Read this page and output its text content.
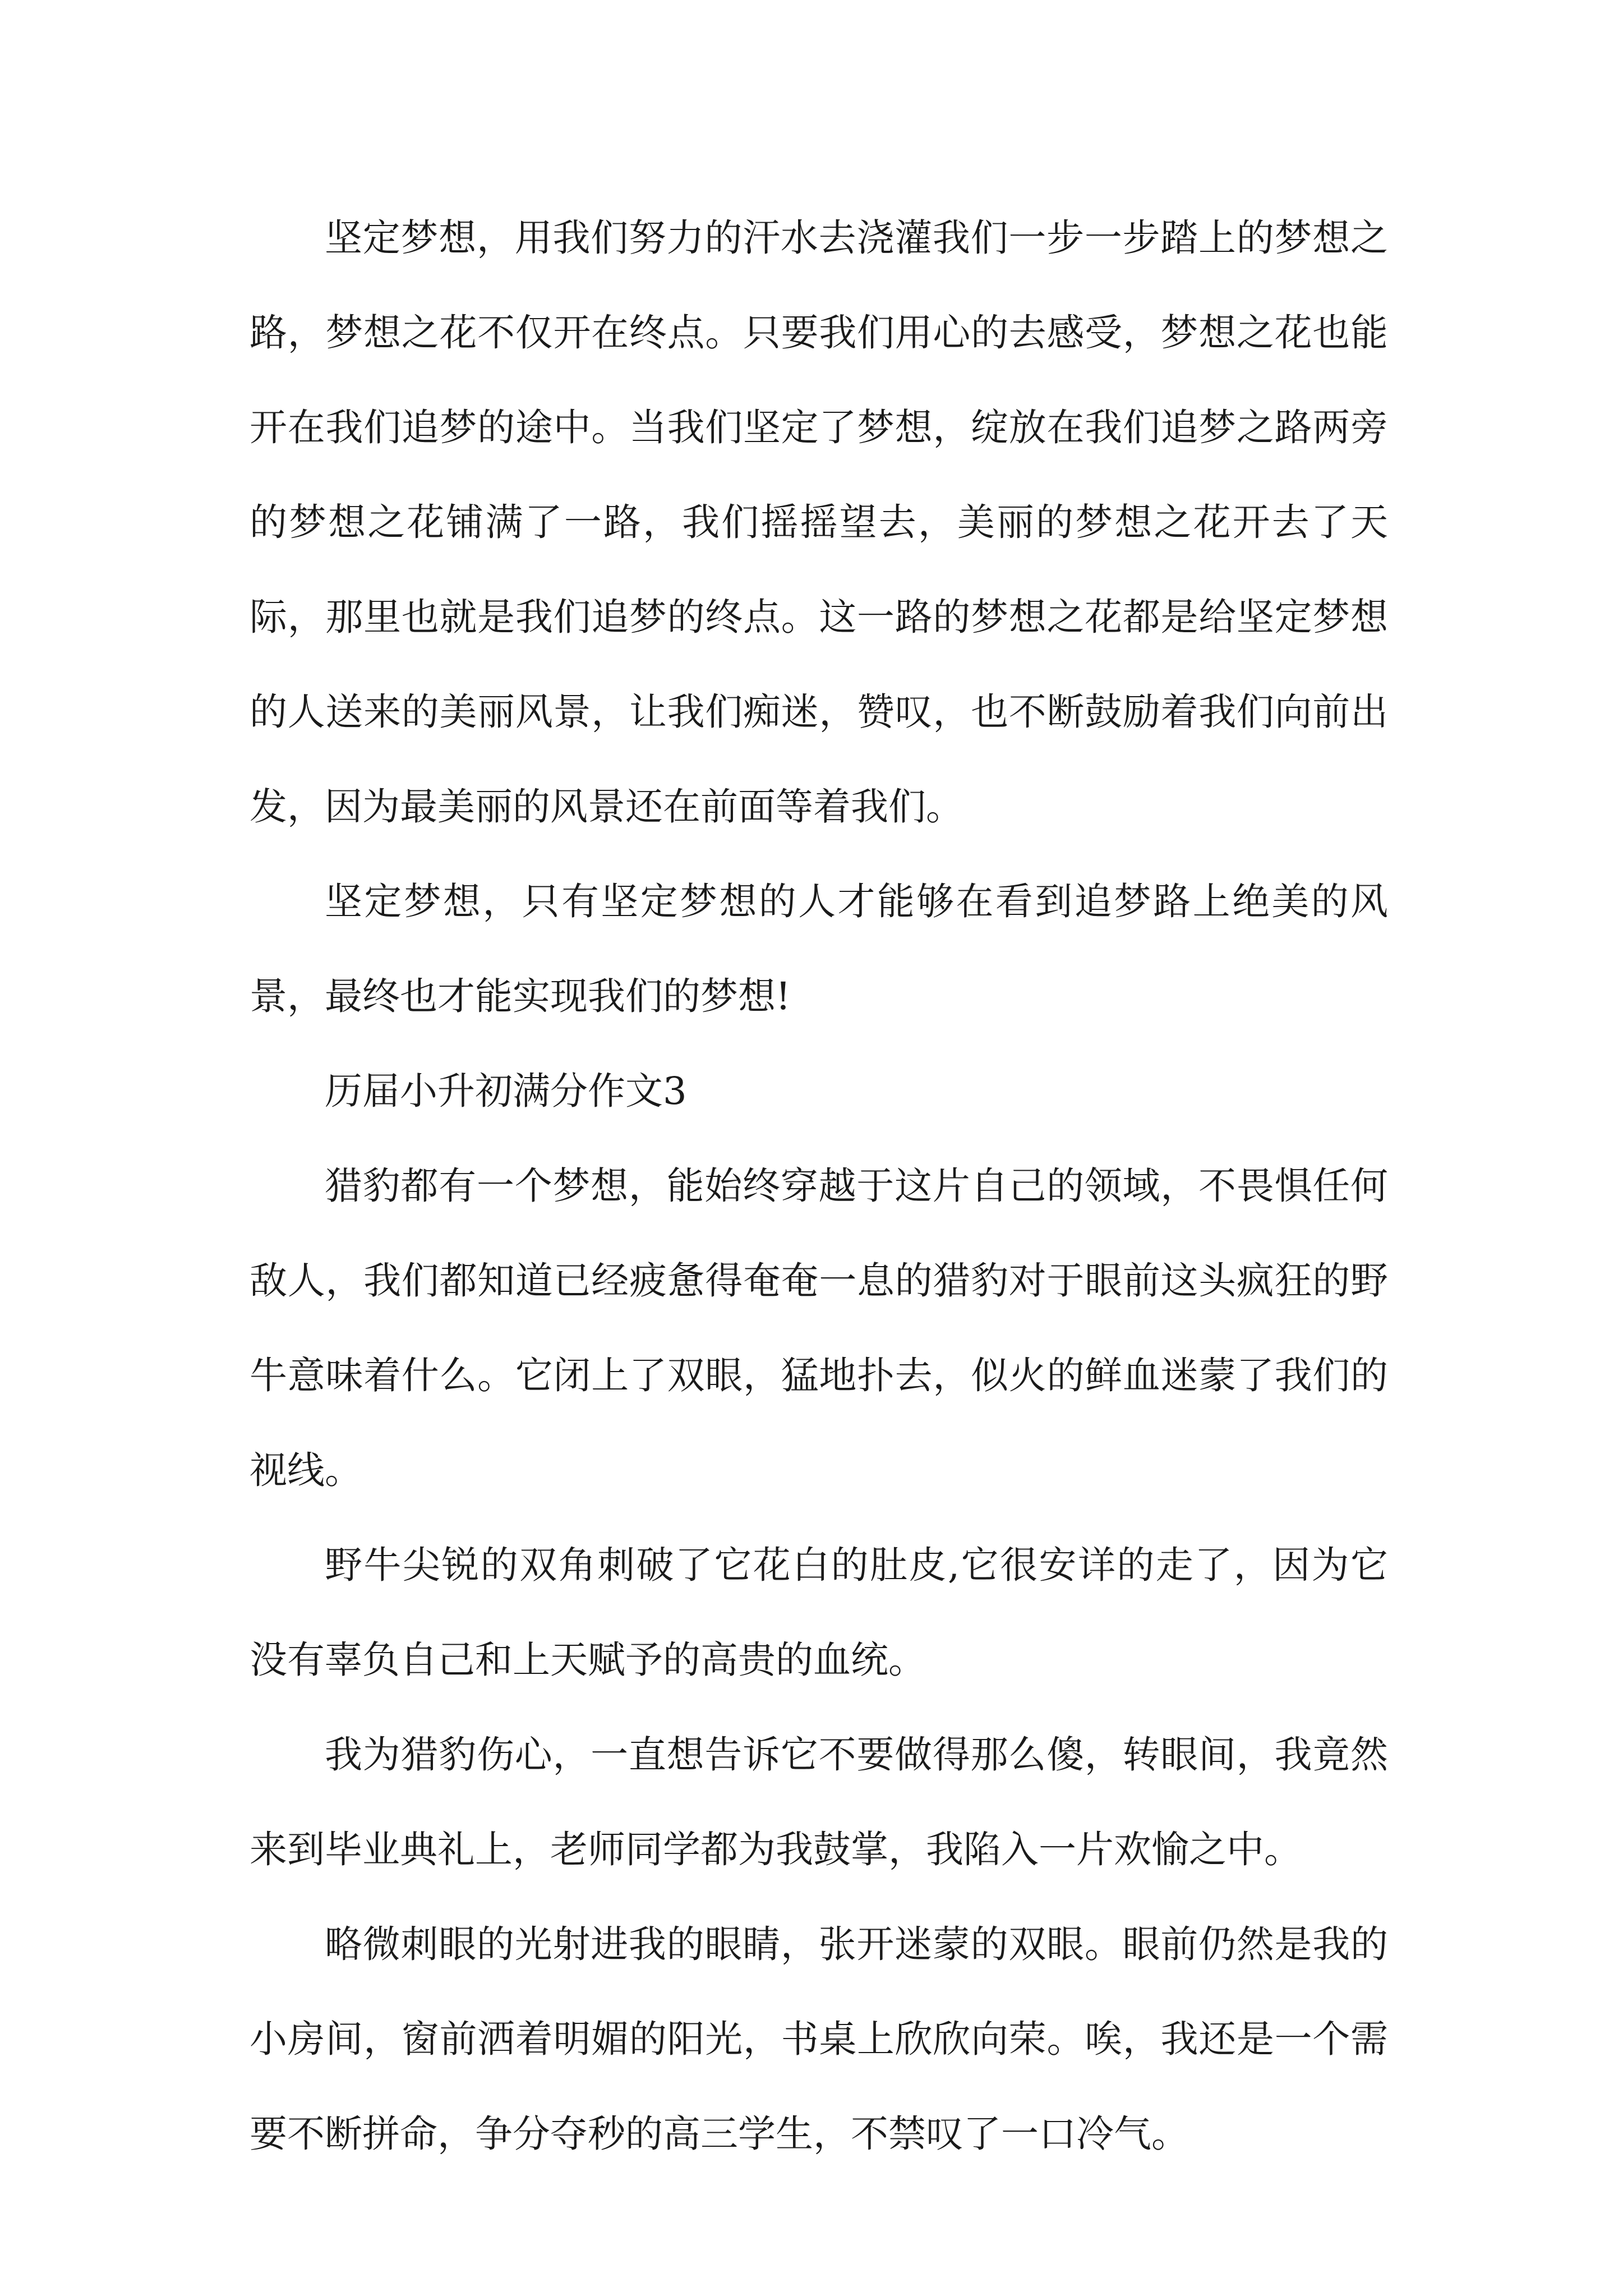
坚定梦想，用我们努力的汗水去浇灌我们一步一步踏上的梦想之路，梦想之花不仅开在终点。只要我们用心的去感受，梦想之花也能开在我们追梦的途中。当我们坚定了梦想，绽放在我们追梦之路两旁的梦想之花铺满了一路，我们摇摇望去，美丽的梦想之花开去了天际，那里也就是我们追梦的终点。这一路的梦想之花都是给坚定梦想的人送来的美丽风景，让我们痴迷，赞叹，也不断鼓励着我们向前出发，因为最美丽的风景还在前面等着我们。

坚定梦想，只有坚定梦想的人才能够在看到追梦路上绝美的风景，最终也才能实现我们的梦想!

历届小升初满分作文3

猎豹都有一个梦想，能始终穿越于这片自己的领域，不畏惧任何敌人，我们都知道已经疲惫得奄奄一息的猎豹对于眼前这头疯狂的野牛意味着什么。它闭上了双眼，猛地扑去，似火的鲜血迷蒙了我们的视线。

野牛尖锐的双角刺破了它花白的肚皮,它很安详的走了，因为它没有辜负自己和上天赋予的高贵的血统。

我为猎豹伤心，一直想告诉它不要做得那么傻，转眼间，我竟然来到毕业典礼上，老师同学都为我鼓掌，我陷入一片欢愉之中。

略微刺眼的光射进我的眼睛，张开迷蒙的双眼。眼前仍然是我的小房间，窗前洒着明媚的阳光，书桌上欣欣向荣。唉，我还是一个需要不断拼命，争分夺秒的高三学生，不禁叹了一口冷气。
